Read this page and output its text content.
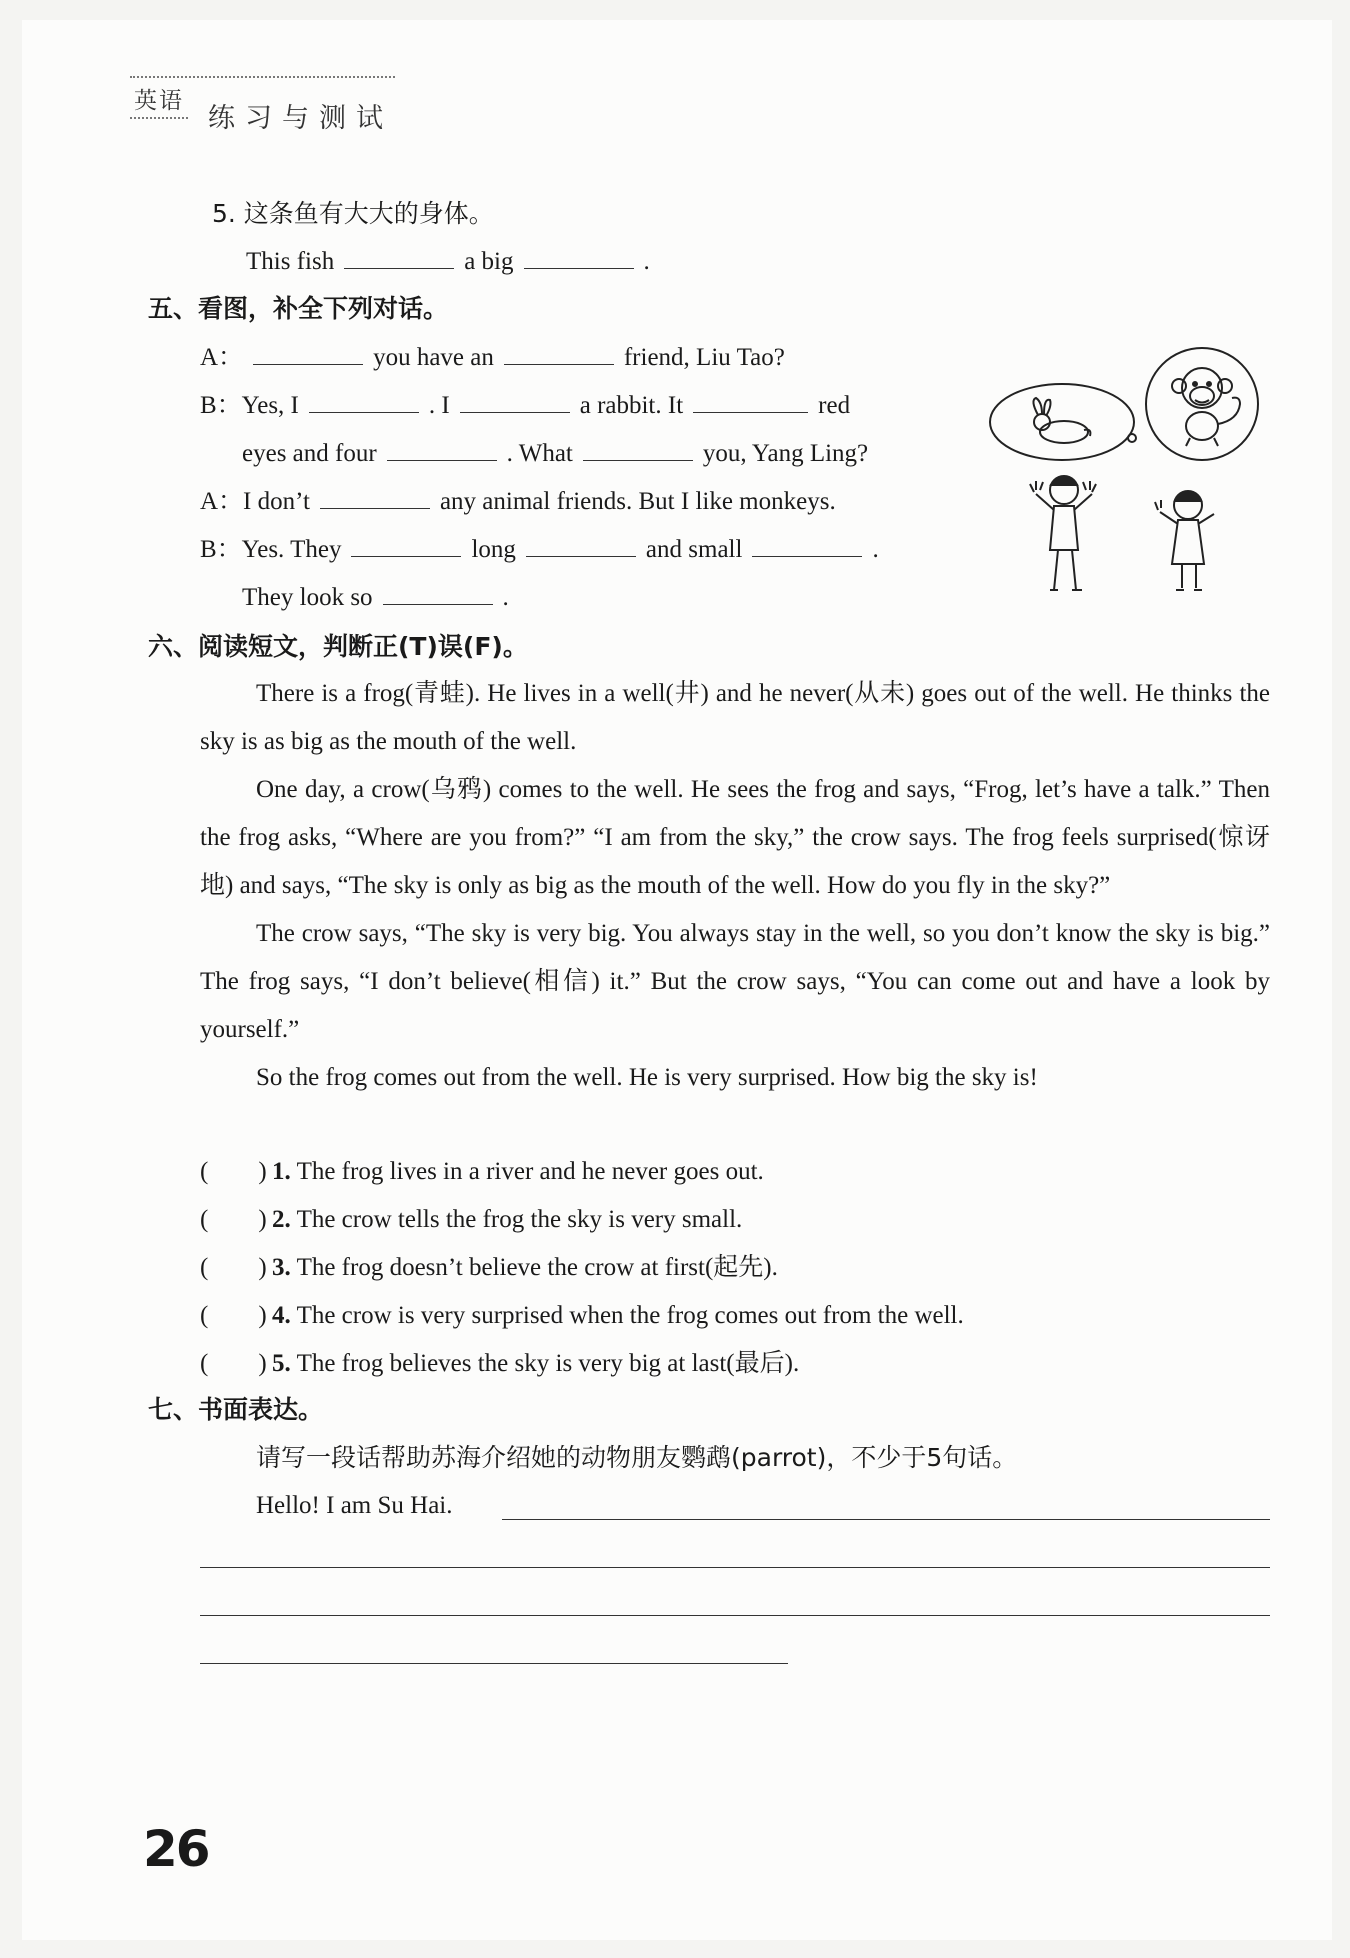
英语
练习与测试
5. 这条鱼有大大的身体。
This fish	a big	.
五、看图，补全下列对话。
A：	you have an	friend, Liu Tao?
B：Yes, I	. I	a rabbit. It	red
eyes and four	. What	you, Yang Ling?
A：I don’t	any animal friends. But I like monkeys.
B：Yes. They	long	and small	.
They look so	.
六、阅读短文，判断正(T)误(F)。

There is a frog(青蛙). He lives in a well(井) and he never(从未) goes out of the well. He thinks the sky is as big as the mouth of the well.

One day, a crow(乌鸦) comes to the well. He sees the frog and says, “Frog, let’s have a talk.” Then the frog asks, “Where are you from?” “I am from the sky,” the crow says. The frog feels surprised(惊讶地) and says, “The sky is only as big as the mouth of the well. How do you fly in the sky?”

The crow says, “The sky is very big. You always stay in the well, so you don’t know the sky is big.” The frog says, “I don’t believe(相信) it.” But the crow says, “You can come out and have a look by yourself.”

So the frog comes out from the well. He is very surprised. How big the sky is!

(　　) 1. The frog lives in a river and he never goes out.
(　　) 2. The crow tells the frog the sky is very small.
(　　) 3. The frog doesn’t believe the crow at first(起先).
(　　) 4. The crow is very surprised when the frog comes out from the well.
(　　) 5. The frog believes the sky is very big at last(最后).
七、书面表达。
请写一段话帮助苏海介绍她的动物朋友鹦鹉(parrot)，不少于5句话。
Hello! I am Su Hai.
26
